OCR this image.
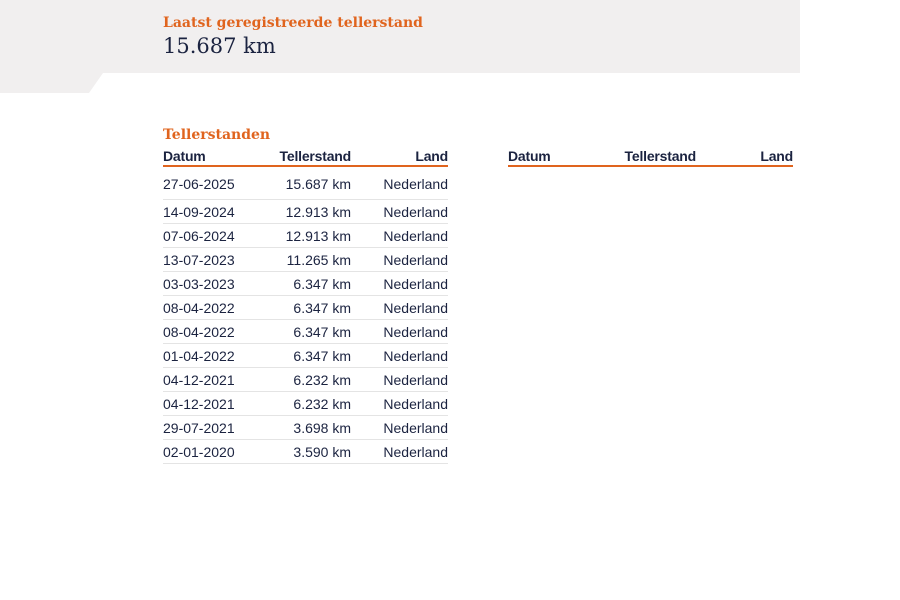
Laatst geregistreerde tellerstand
15.687 km
Tellerstanden
Datum	Tellerstand	Land
27-06-2025	15.687 km	Nederland
14-09-2024	12.913 km	Nederland
07-06-2024	12.913 km	Nederland
13-07-2023	11.265 km	Nederland
03-03-2023	6.347 km	Nederland
08-04-2022	6.347 km	Nederland
08-04-2022	6.347 km	Nederland
01-04-2022	6.347 km	Nederland
04-12-2021	6.232 km	Nederland
04-12-2021	6.232 km	Nederland
29-07-2021	3.698 km	Nederland
02-01-2020	3.590 km	Nederland
Datum	Tellerstand	Land
